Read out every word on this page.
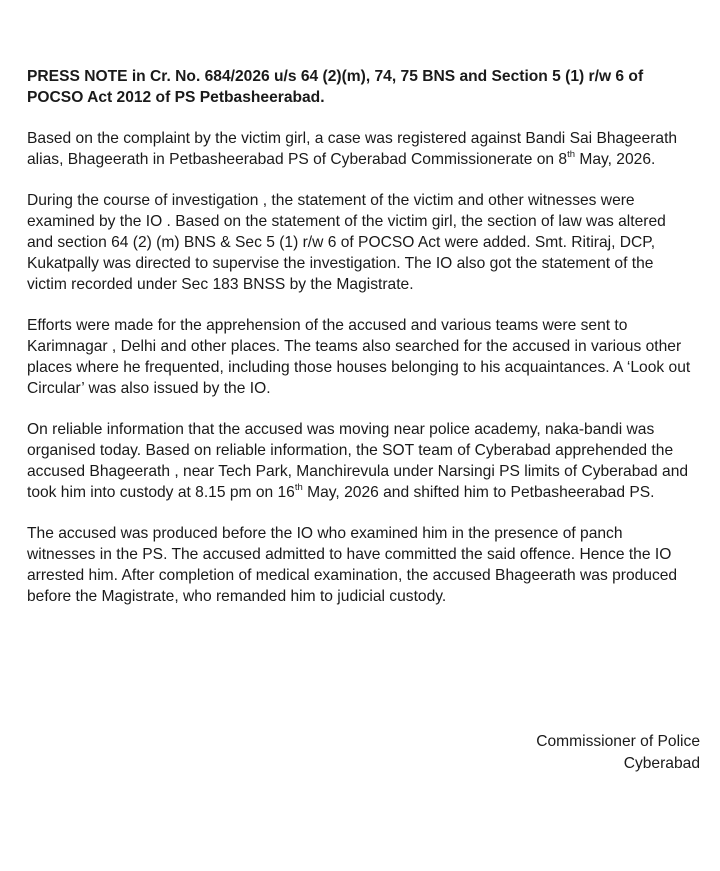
PRESS NOTE in Cr. No. 684/2026 u/s 64 (2)(m), 74, 75 BNS and Section 5 (1) r/w 6 of POCSO Act 2012 of PS Petbasheerabad.

Based on the complaint by the victim girl, a case was registered against Bandi Sai Bhageerath alias, Bhageerath in Petbasheerabad PS of Cyberabad Commissionerate on 8th May, 2026.

During the course of investigation , the statement of the victim and other witnesses were examined by the IO . Based on the statement of the victim girl, the section of law was altered and section 64 (2) (m) BNS & Sec 5 (1) r/w 6 of POCSO Act were added. Smt. Ritiraj, DCP, Kukatpally was directed to supervise the investigation. The IO also got the statement of the victim recorded under Sec 183 BNSS by the Magistrate.

Efforts were made for the apprehension of the accused and various teams were sent to Karimnagar , Delhi and other places. The teams also searched for the accused in various other places where he frequented, including those houses belonging to his acquaintances. A ‘Look out Circular’ was also issued by the IO.

On reliable information that the accused was moving near police academy, naka-bandi was organised today. Based on reliable information, the SOT team of Cyberabad apprehended the accused Bhageerath , near Tech Park, Manchirevula under Narsingi PS limits of Cyberabad and took him into custody at 8.15 pm on 16th May, 2026 and shifted him to Petbasheerabad PS.

The accused was produced before the IO who examined him in the presence of panch witnesses in the PS. The accused admitted to have committed the said offence. Hence the IO arrested him. After completion of medical examination, the accused Bhageerath was produced before the Magistrate, who remanded him to judicial custody.

Commissioner of Police
Cyberabad
